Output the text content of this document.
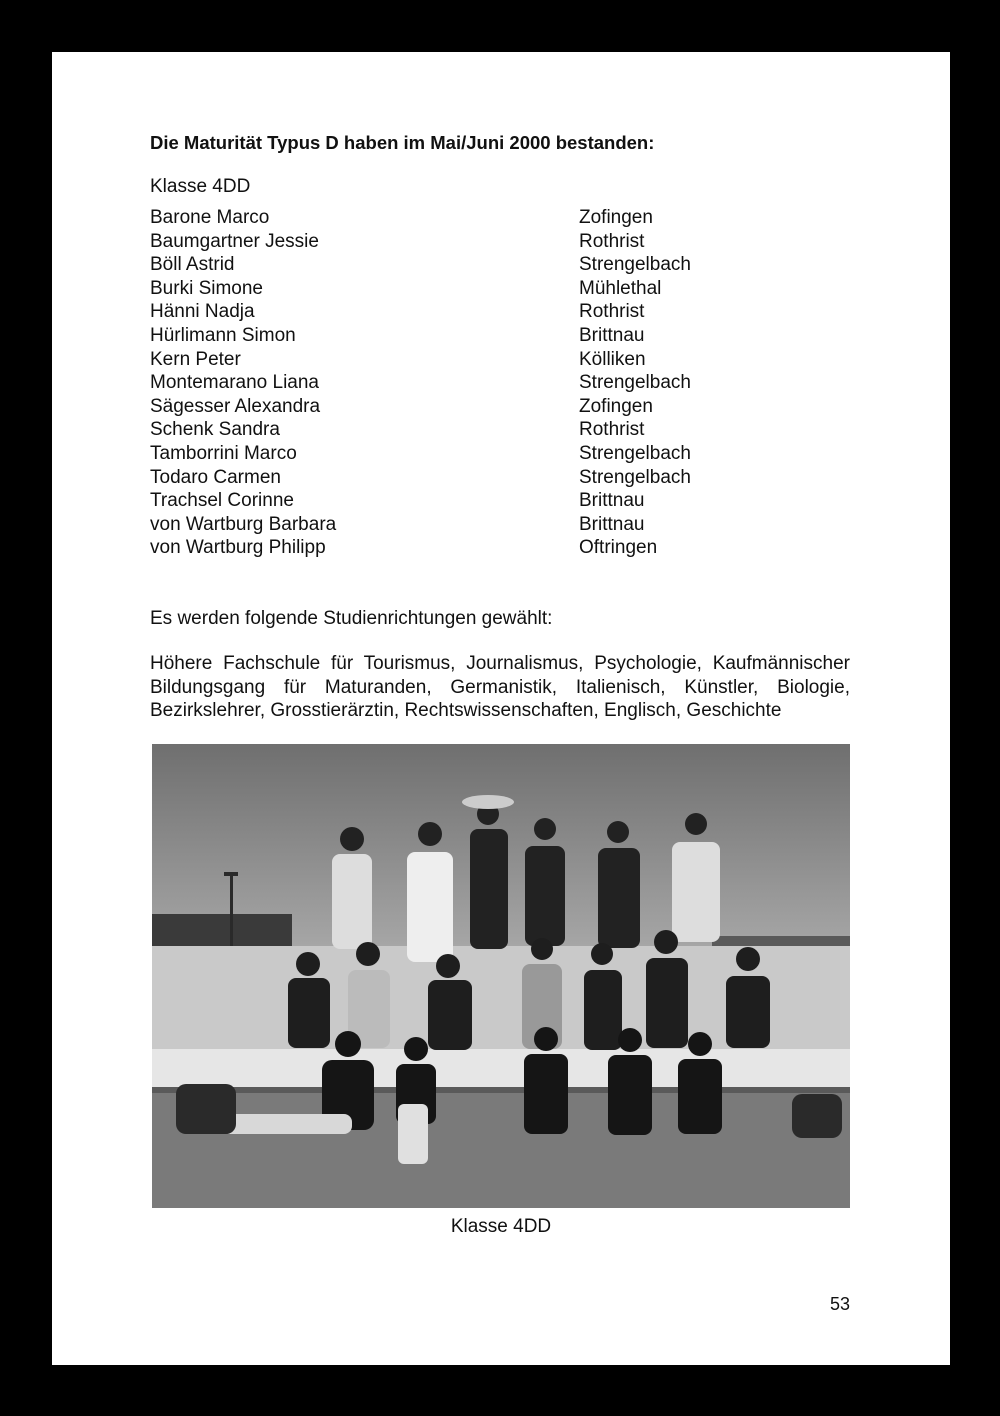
Die Maturität Typus D haben im Mai/Juni 2000 bestanden:
Klasse 4DD
Barone Marco	Zofingen
Baumgartner Jessie	Rothrist
Böll Astrid	Strengelbach
Burki Simone	Mühlethal
Hänni Nadja	Rothrist
Hürlimann Simon	Brittnau
Kern Peter	Kölliken
Montemarano Liana	Strengelbach
Sägesser Alexandra	Zofingen
Schenk Sandra	Rothrist
Tamborrini Marco	Strengelbach
Todaro Carmen	Strengelbach
Trachsel Corinne	Brittnau
von Wartburg Barbara	Brittnau
von Wartburg Philipp	Oftringen
Es werden folgende Studienrichtungen gewählt:

Höhere Fachschule für Tourismus, Journalismus, Psychologie, Kaufmännischer Bildungsgang für Maturanden, Germanistik, Italienisch, Künstler, Biologie, Bezirkslehrer, Grosstierärztin, Rechtswissenschaften, Englisch, Geschichte

Klasse 4DD
53
